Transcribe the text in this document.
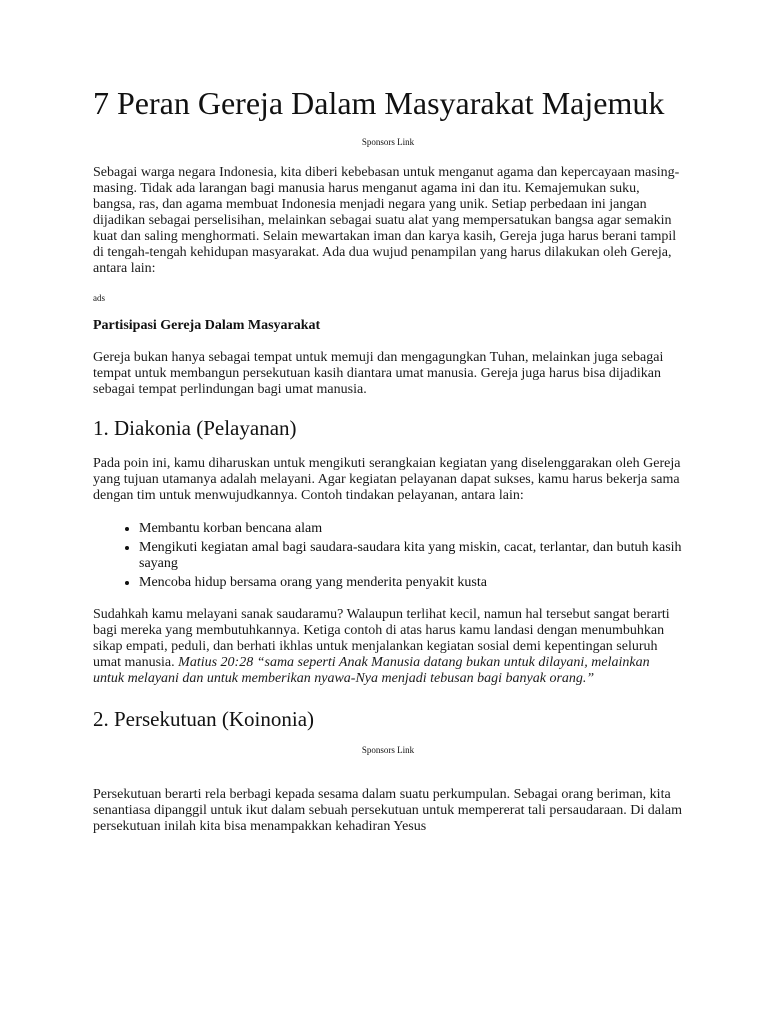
7 Peran Gereja Dalam Masyarakat Majemuk

Sponsors Link

Sebagai warga negara Indonesia, kita diberi kebebasan untuk menganut agama dan kepercayaan masing-masing. Tidak ada larangan bagi manusia harus menganut agama ini dan itu. Kemajemukan suku, bangsa, ras, dan agama membuat Indonesia menjadi negara yang unik. Setiap perbedaan ini jangan dijadikan sebagai perselisihan, melainkan sebagai suatu alat yang mempersatukan bangsa agar semakin kuat dan saling menghormati. Selain mewartakan iman dan karya kasih, Gereja juga harus berani tampil di tengah-tengah kehidupan masyarakat. Ada dua wujud penampilan yang harus dilakukan oleh Gereja, antara lain:

ads

Partisipasi Gereja Dalam Masyarakat

Gereja bukan hanya sebagai tempat untuk memuji dan mengagungkan Tuhan, melainkan juga sebagai tempat untuk membangun persekutuan kasih diantara umat manusia. Gereja juga harus bisa dijadikan sebagai tempat perlindungan bagi umat manusia.

1. Diakonia (Pelayanan)

Pada poin ini, kamu diharuskan untuk mengikuti serangkaian kegiatan yang diselenggarakan oleh Gereja yang tujuan utamanya adalah melayani. Agar kegiatan pelayanan dapat sukses, kamu harus bekerja sama dengan tim untuk menwujudkannya. Contoh tindakan pelayanan, antara lain:

• Membantu korban bencana alam
• Mengikuti kegiatan amal bagi saudara-saudara kita yang miskin, cacat, terlantar, dan butuh kasih sayang
• Mencoba hidup bersama orang yang menderita penyakit kusta

Sudahkah kamu melayani sanak saudaramu? Walaupun terlihat kecil, namun hal tersebut sangat berarti bagi mereka yang membutuhkannya. Ketiga contoh di atas harus kamu landasi dengan menumbuhkan sikap empati, peduli, dan berhati ikhlas untuk menjalankan kegiatan sosial demi kepentingan seluruh umat manusia. Matius 20:28 “sama seperti Anak Manusia datang bukan untuk dilayani, melainkan untuk melayani dan untuk memberikan nyawa-Nya menjadi tebusan bagi banyak orang.”

2. Persekutuan (Koinonia)

Sponsors Link

Persekutuan berarti rela berbagi kepada sesama dalam suatu perkumpulan. Sebagai orang beriman, kita senantiasa dipanggil untuk ikut dalam sebuah persekutuan untuk mempererat tali persaudaraan. Di dalam persekutuan inilah kita bisa menampakkan kehadiran Yesus
